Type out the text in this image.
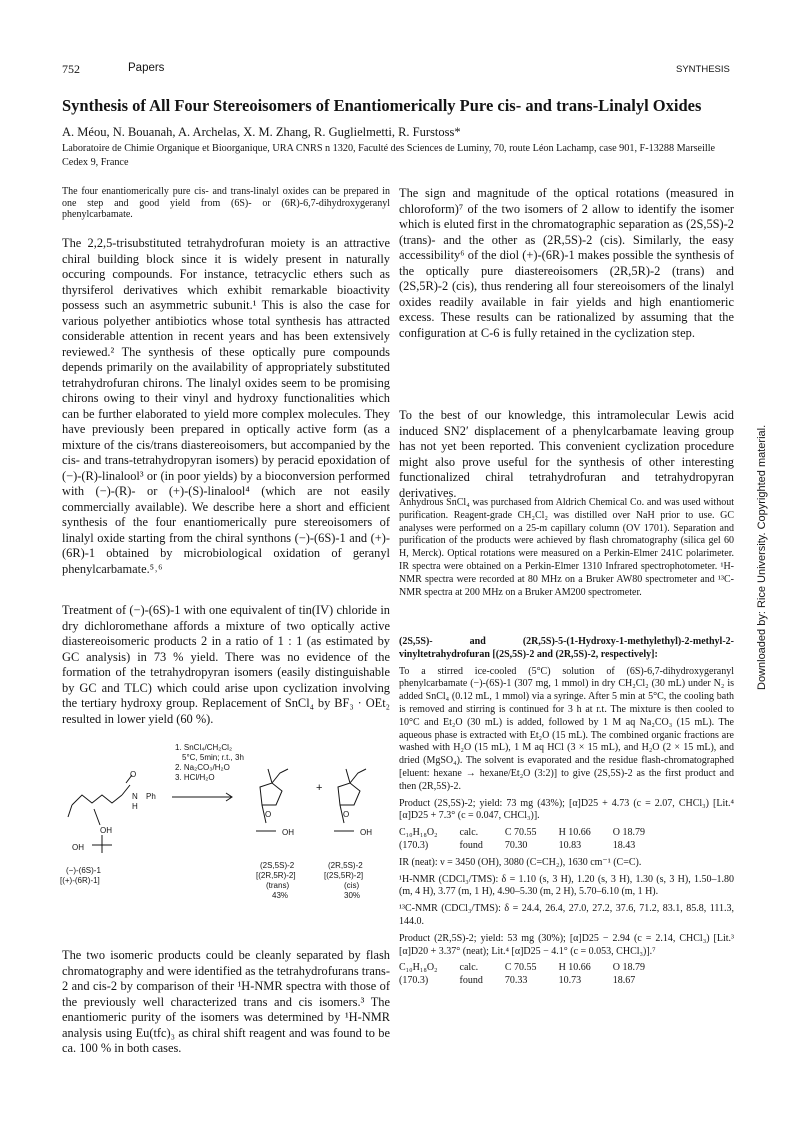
752	Papers	SYNTHESIS
Synthesis of All Four Stereoisomers of Enantiomerically Pure cis- and trans-Linalyl Oxides
A. Méou, N. Bouanah, A. Archelas, X. M. Zhang, R. Guglielmetti, R. Furstoss*
Laboratoire de Chimie Organique et Bioorganique, URA CNRS n 1320, Faculté des Sciences de Luminy, 70, route Léon Lachamp, case 901, F-13288 Marseille Cedex 9, France
The four enantiomerically pure cis- and trans-linalyl oxides can be prepared in one step and good yield from (6S)- or (6R)-6,7-dihydroxygeranyl phenylcarbamate.
The 2,2,5-trisubstituted tetrahydrofuran moiety is an attractive chiral building block since it is widely present in naturally occuring compounds. For instance, tetracyclic ethers such as thyrsiferol derivatives which exhibit remarkable bioactivity possess such an asymmetric subunit.¹ This is also the case for various polyether antibiotics whose total synthesis has attracted considerable attention in recent years and has been extensively reviewed.² The synthesis of these optically pure compounds depends primarily on the availability of appropriately substituted tetrahydrofuran chirons. The linalyl oxides seem to be promising chirons owing to their vinyl and hydroxy functionalities which can be further elaborated to yield more complex molecules. They have previously been prepared in optically active form (as a mixture of the cis/trans diastereoisomers, but accompanied by the cis- and trans-tetrahydropyran isomers) by peracid epoxidation of (−)-(R)-linalool³ or (in poor yields) by a bioconversion performed with (−)-(R)- or (+)-(S)-linalool⁴ (which are not easily commercially available). We describe here a short and efficient synthesis of the four enantiomerically pure stereoisomers of linalyl oxide starting from the chiral synthons (−)-(6S)-1 and (+)-(6R)-1 obtained by microbiological oxidation of geranyl phenylcarbamate.⁵˒⁶
Treatment of (−)-(6S)-1 with one equivalent of tin(IV) chloride in dry dichloromethane affords a mixture of two optically active diastereoisomeric products 2 in a ratio of 1 : 1 (as estimated by GC analysis) in 73 % yield. There was no evidence of the formation of the tetrahydropyran isomers (easily distinguishable by GC and TLC) which could arise upon cyclization involving the tertiary hydroxy group. Replacement of SnCl₄ by BF₃ · OEt₂ resulted in lower yield (60 %).
1. SnCl₄/CH₂Cl₂
5°C, 5min; r.t., 3h
2. Na₂CO₃/H₂O
3. HCl/H₂O
O
Ph
N
H
OH
OH
O
OH
O
OH
+
(−)-(6S)-1
[(+)-(6R)-1]
(2S,5S)-2
[(2R,5R)-2]
(trans)
43%
(2R,5S)-2
[(2S,5R)-2]
(cis)
30%
The two isomeric products could be cleanly separated by flash chromatography and were identified as the tetrahydrofurans trans-2 and cis-2 by comparison of their ¹H-NMR spectra with those of the previously well characterized trans and cis isomers.³ The enantiomeric purity of the isomers was determined by ¹H-NMR analysis using Eu(tfc)₃ as chiral shift reagent and was found to be ca. 100 % in both cases.
The sign and magnitude of the optical rotations (measured in chloroform)⁷ of the two isomers of 2 allow to identify the isomer which is eluted first in the chromatographic separation as (2S,5S)-2 (trans)- and the other as (2R,5S)-2 (cis). Similarly, the easy accessibility⁶ of the diol (+)-(6R)-1 makes possible the synthesis of the optically pure diastereoisomers (2R,5R)-2 (trans) and (2S,5R)-2 (cis), thus rendering all four stereoisomers of the linalyl oxides readily available in fair yields and high enantiomeric excess. These results can be rationalized by assuming that the configuration at C-6 is fully retained in the cyclization step.
To the best of our knowledge, this intramolecular Lewis acid induced SN2′ displacement of a phenylcarbamate leaving group has not yet been reported. This convenient cyclization procedure might also prove useful for the synthesis of other interesting functionalized chiral tetrahydrofuran and tetrahydropyran derivatives.
Anhydrous SnCl₄ was purchased from Aldrich Chemical Co. and was used without purification. Reagent-grade CH₂Cl₂ was distilled over NaH prior to use. GC analyses were performed on a 25-m capillary column (OV 1701). Separation and purification of the products were achieved by flash chromatography (silica gel 60 H, Merck). Optical rotations were measured on a Perkin-Elmer 241C polarimeter. IR spectra were obtained on a Perkin-Elmer 1310 Infrared spectrophotometer. ¹H-NMR spectra were recorded at 80 MHz on a Bruker AW80 spectrometer and ¹³C-NMR spectra at 200 MHz on a Bruker AM200 spectrometer.

(2S,5S)- and (2R,5S)-5-(1-Hydroxy-1-methylethyl)-2-methyl-2-vinyltetrahydrofuran [(2S,5S)-2 and (2R,5S)-2, respectively]:

To a stirred ice-cooled (5°C) solution of (6S)-6,7-dihydroxygeranyl phenylcarbamate (−)-(6S)-1 (307 mg, 1 mmol) in dry CH₂Cl₂ (30 mL) under N₂ is added SnCl₄ (0.12 mL, 1 mmol) via a syringe. After 5 min at 5°C, the cooling bath is removed and stirring is continued for 3 h at r.t. The mixture is then cooled to 10°C and Et₂O (30 mL) is added, followed by 1 M aq Na₂CO₃ (15 mL). The aqueous phase is extracted with Et₂O (15 mL). The combined organic fractions are washed with H₂O (15 mL), 1 M aq HCl (3 × 15 mL), and H₂O (2 × 15 mL), and dried (MgSO₄). The solvent is evaporated and the residue flash-chromatographed [eluent: hexane → hexane/Et₂O (3:2)] to give (2S,5S)-2 as the first product and then (2R,5S)-2.

Product (2S,5S)-2; yield: 73 mg (43%); [α]D25 + 4.73 (c = 2.07, CHCl₃) [Lit.⁴ [α]D25 + 7.3° (c = 0.047, CHCl₃)].

C₁₀H₁₈O₂	calc.	C 70.55	H 10.66	O 18.79
(170.3)	found	70.30	10.83	18.43

IR (neat): ν = 3450 (OH), 3080 (C=CH₂), 1630 cm⁻¹ (C=C).

¹H-NMR (CDCl₃/TMS): δ = 1.10 (s, 3 H), 1.20 (s, 3 H), 1.30 (s, 3 H), 1.50–1.80 (m, 4 H), 3.77 (m, 1 H), 4.90–5.30 (m, 2 H), 5.70–6.10 (m, 1 H).

¹³C-NMR (CDCl₃/TMS): δ = 24.4, 26.4, 27.0, 27.2, 37.6, 71.2, 83.1, 85.8, 111.3, 144.0.

Product (2R,5S)-2; yield: 53 mg (30%); [α]D25 − 2.94 (c = 2.14, CHCl₃) [Lit.³ [α]D20 + 3.37° (neat); Lit.⁴ [α]D25 − 4.1° (c = 0.053, CHCl₃)].⁷

C₁₀H₁₈O₂	calc.	C 70.55	H 10.66	O 18.79
(170.3)	found	70.33	10.73	18.67
Downloaded by: Rice University. Copyrighted material.
